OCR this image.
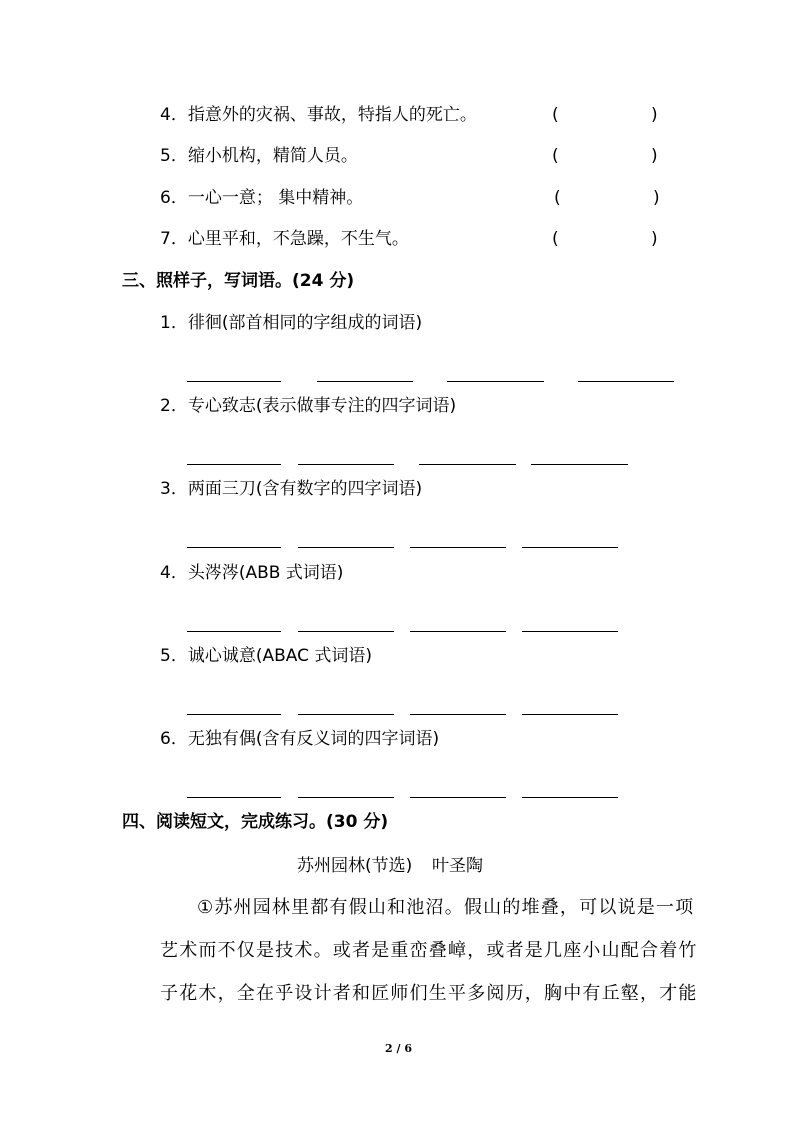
4．指意外的灾祸、事故，特指人的死亡。	(	)
5．缩小机构，精简人员。	(	)
6．一心一意； 集中精神。	(	)
7．心里平和，不急躁，不生气。	(	)
三、照样子，写词语。(24 分)
1．徘徊(部首相同的字组成的词语)
2．专心致志(表示做事专注的四字词语)
3．两面三刀(含有数字的四字词语)
4．头涔涔(ABB 式词语)
5．诚心诚意(ABAC 式词语)
6．无独有偶(含有反义词的四字词语)
四、阅读短文，完成练习。(30 分)
苏州园林(节选) 叶圣陶
①苏州园林里都有假山和池沼。假山的堆叠，可以说是一项
艺术而不仅是技术。或者是重峦叠嶂，或者是几座小山配合着竹
子花木，全在乎设计者和匠师们生平多阅历，胸中有丘壑，才能
2 / 6
